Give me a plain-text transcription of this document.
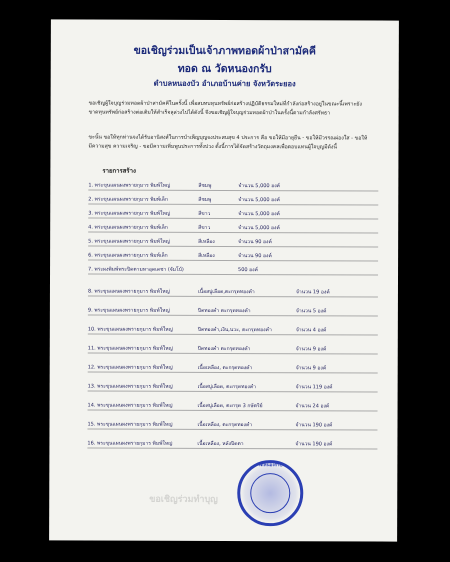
ขอเชิญร่วมเป็นเจ้าภาพทอดผ้าป่าสามัคคี
ทอด ณ วัดหนองกรับ
ตำบลหนองบัว อำเภอบ้านค่าย จังหวัดระยอง
ขอเชิญผู้ใจบุญร่วมทอดผ้าป่าสามัคคีในครั้งนี้ เพื่อสมทบทุนทรัพย์ก่อสร้างปฏิบัติธรรมใหม่ที่กำลังก่อสร้างอยู่ในขณะนี้เพราะยังขาดทุนทรัพย์ก่อสร้างต่อเติมให้สำเร็จลุล่วงไปได้ดังนี้ จึงขอเชิญผู้ใจบุญร่วมทอดผ้าป่าในครั้งนี้ตามกำลังศรัทธา
ขะนั้น ขอให้ทุกท่านจงได้รับอานิสงส์ในการบำเพ็ญบุญจงประสบสุข 4 ประการ คือ ขอให้มีอายุยืน - ขอให้มีวรรณผ่องใส - ขอให้มีความสุข ความเจริญ - ขอมีความเพิ่มพูนประการทั้งปวง ตั้งนี้การได้จัดสร้างวัตถุมงคลเพื่อตอบแทนผู้ใจบุญมีดังนี้
รายการสร้าง
1. พระขุนแผนผงพรายกุมาร พิมพ์ใหญ่	สีชมพู	จำนวน 5,000 องค์
2. พระขุนแผนผงพรายกุมาร พิมพ์เล็ก	สีชมพู	จำนวน 5,000 องค์
3. พระขุนแผนผงพรายกุมาร พิมพ์ใหญ่	สีขาว	จำนวน 5,000 องค์
4. พระขุนแผนผงพรายกุมาร พิมพ์เล็ก	สีขาว	จำนวน 5,000 องค์
5. พระขุนแผนผงพรายกุมาร พิมพ์ใหญ่	สีเหลือง	จำนวน 90 องค์
6. พระขุนแผนผงพรายกุมาร พิมพ์เล็ก	สีเหลือง	จำนวน 90 องค์
7. พระผงพิมพ์พระปิดตามหาอุดเดชา (จัมโบ้)	500 องค์
8. พระขุนแผนผงพรายกุมาร พิมพ์ใหญ่	เนื้อสบู่เลือด,ตะกรุดทองคำ	จำนวน 19 องค์
9. พระขุนแผนผงพรายกุมาร พิมพ์ใหญ่	ปิดทองคำ ตะกรุดทองคำ	จำนวน 5 องค์
10. พระขุนแผนผงพรายกุมาร พิมพ์ใหญ่	ปิดทองคำ,เงิน,นวะ, ตะกรุดทองคำ	จำนวน 4 องค์
11. พระขุนแผนผงพรายกุมาร พิมพ์ใหญ่	ปิดทองคำ ตะกรุดทองคำ	จำนวน 9 องค์
12. พระขุนแผนผงพรายกุมาร พิมพ์ใหญ่	เนื้อเหลือง, ตะกรุดทองคำ	จำนวน 9 องค์
13. พระขุนแผนผงพรายกุมาร พิมพ์ใหญ่	เนื้อสบู่เลือด, ตะกรุดทองคำ	จำนวน 119 องค์
14. พระขุนแผนผงพรายกุมาร พิมพ์ใหญ่	เนื้อสบู่เลือด, ตะกรุด 3 กษัตริย์	จำนวน 24 องค์
15. พระขุนแผนผงพรายกุมาร พิมพ์ใหญ่	เนื้อเหลือง, ตะกรุดทองคำ	จำนวน 190 องค์
16. พระขุนแผนผงพรายกุมาร พิมพ์ใหญ่	เนื้อเหลือง, หลังปิดตา	จำนวน 190 องค์
ขอเชิญร่วมทำบุญ
วัดหนองกรับ
